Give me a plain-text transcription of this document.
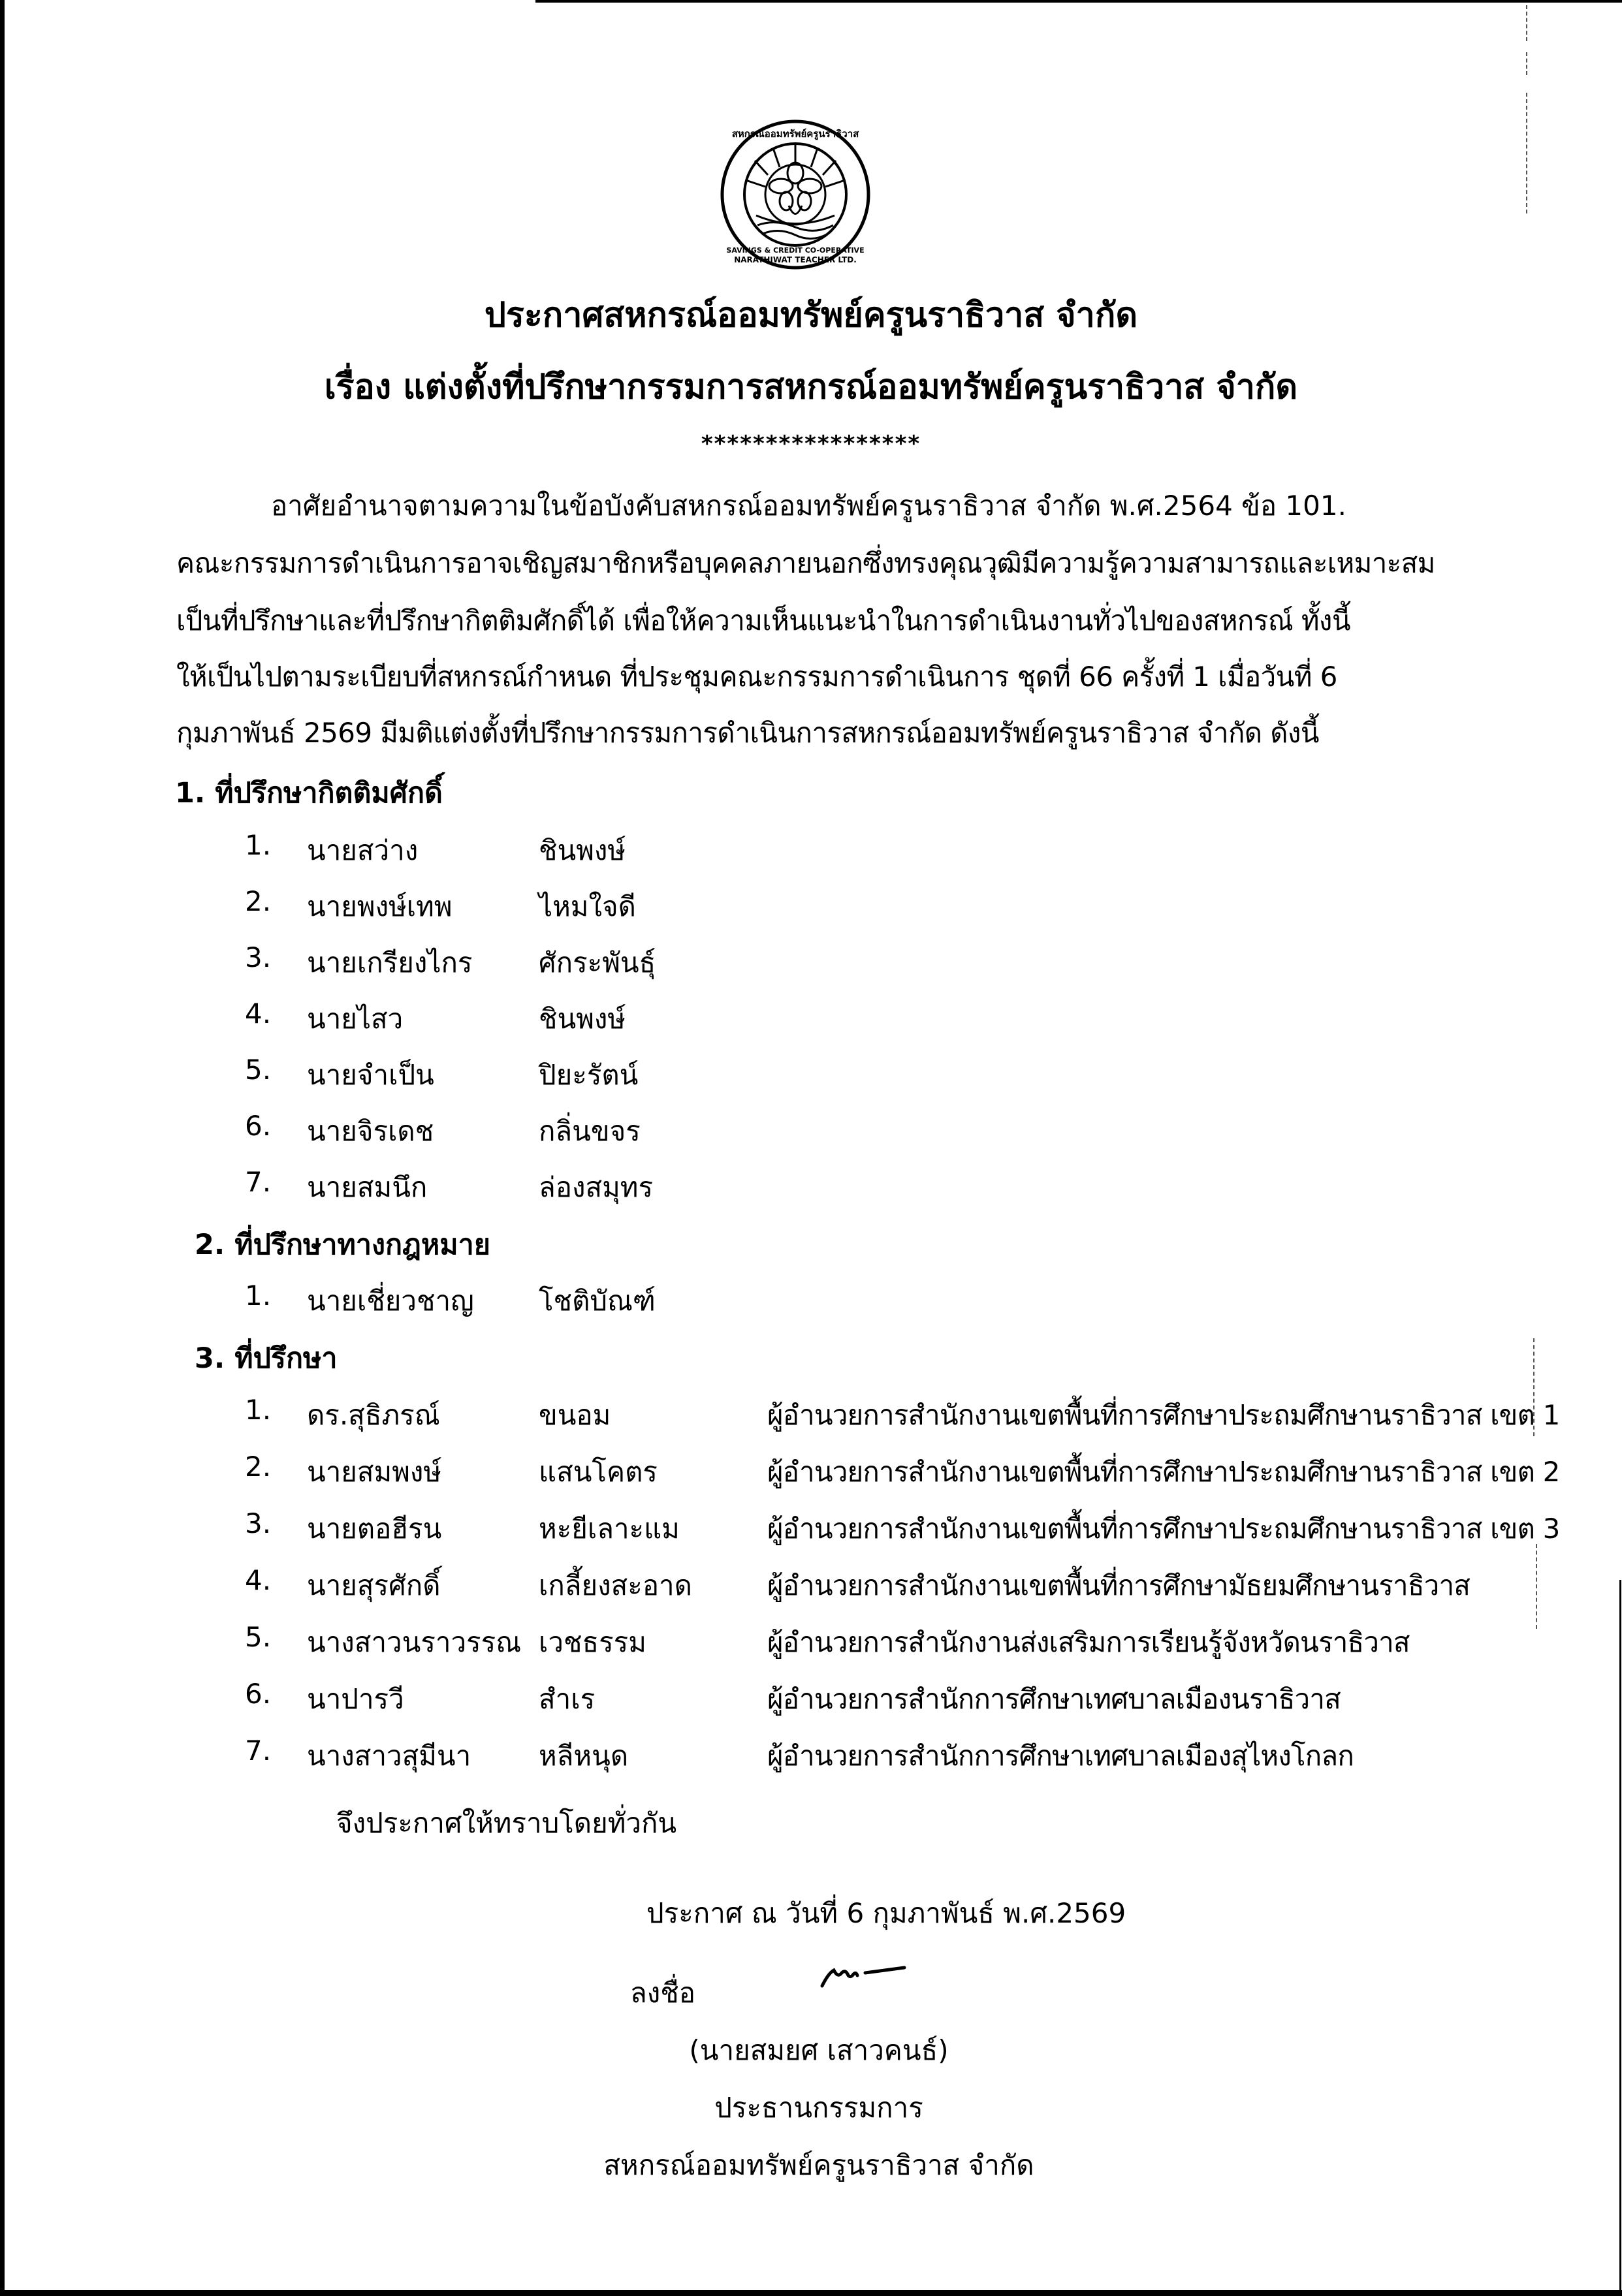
สหกรณ์ออมทรัพย์ครูนราธิวาส
NARATHIWAT TEACHER LTD.
SAVINGS & CREDIT CO-OPERATIVE
ประกาศสหกรณ์ออมทรัพย์ครูนราธิวาส จำกัด
เรื่อง แต่งตั้งที่ปรึกษากรรมการสหกรณ์ออมทรัพย์ครูนราธิวาส จำกัด
*****************
อาศัยอำนาจตามความในข้อบังคับสหกรณ์ออมทรัพย์ครูนราธิวาส จำกัด พ.ศ.2564 ข้อ 101.
คณะกรรมการดำเนินการอาจเชิญสมาชิกหรือบุคคลภายนอกซึ่งทรงคุณวุฒิมีความรู้ความสามารถและเหมาะสม
เป็นที่ปรึกษาและที่ปรึกษากิตติมศักดิ์ได้ เพื่อให้ความเห็นแนะนำในการดำเนินงานทั่วไปของสหกรณ์ ทั้งนี้
ให้เป็นไปตามระเบียบที่สหกรณ์กำหนด ที่ประชุมคณะกรรมการดำเนินการ ชุดที่ 66 ครั้งที่ 1 เมื่อวันที่ 6
กุมภาพันธ์ 2569 มีมติแต่งตั้งที่ปรึกษากรรมการดำเนินการสหกรณ์ออมทรัพย์ครูนราธิวาส จำกัด ดังนี้
1. ที่ปรึกษากิตติมศักดิ์
1. นายสว่าง	ชินพงษ์
2. นายพงษ์เทพ	ไหมใจดี
3. นายเกรียงไกร ศักระพันธุ์
4. นายไสว	ชินพงษ์
5. นายจำเป็น	ปิยะรัตน์
6. นายจิรเดช	กลิ่นขจร
7. นายสมนึก	ล่องสมุทร
2. ที่ปรึกษาทางกฎหมาย
1. นายเชี่ยวชาญ โชติบัณฑ์
3. ที่ปรึกษา
1. ดร.สุธิภรณ์	ขนอม	ผู้อำนวยการสำนักงานเขตพื้นที่การศึกษาประถมศึกษานราธิวาส เขต 1
2. นายสมพงษ์	แสนโคตร	ผู้อำนวยการสำนักงานเขตพื้นที่การศึกษาประถมศึกษานราธิวาส เขต 2
3. นายตอฮีรน	หะยีเลาะแม	ผู้อำนวยการสำนักงานเขตพื้นที่การศึกษาประถมศึกษานราธิวาส เขต 3
4. นายสุรศักดิ์	เกลี้ยงสะอาด	ผู้อำนวยการสำนักงานเขตพื้นที่การศึกษามัธยมศึกษานราธิวาส
5. นางสาวนราวรรณ เวชธรรม	ผู้อำนวยการสำนักงานส่งเสริมการเรียนรู้จังหวัดนราธิวาส
6. นาปารวี	สำเร	ผู้อำนวยการสำนักการศึกษาเทศบาลเมืองนราธิวาส
7. นางสาวสุมีนา หลีหนุด	ผู้อำนวยการสำนักการศึกษาเทศบาลเมืองสุไหงโกลก
จึงประกาศให้ทราบโดยทั่วกัน
ประกาศ ณ วันที่ 6 กุมภาพันธ์ พ.ศ.2569
ลงชื่อ
(นายสมยศ เสาวคนธ์)
ประธานกรรมการ
สหกรณ์ออมทรัพย์ครูนราธิวาส จำกัด
